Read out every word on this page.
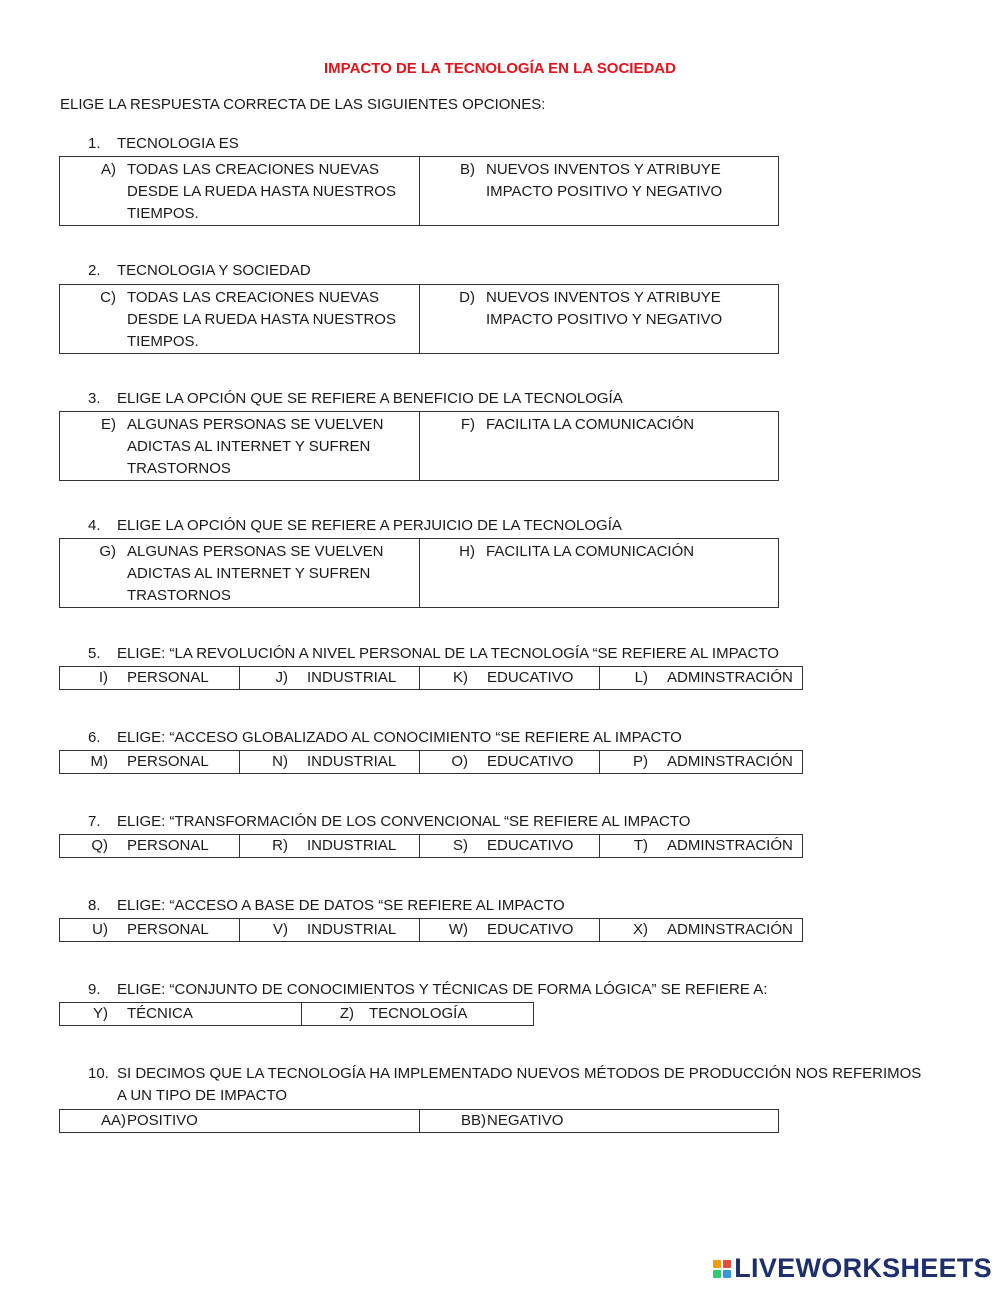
IMPACTO DE LA TECNOLOGÍA EN LA SOCIEDAD
ELIGE LA RESPUESTA CORRECTA DE LAS SIGUIENTES OPCIONES:
1. TECNOLOGIA ES
A) TODAS LAS CREACIONES NUEVAS DESDE LA RUEDA HASTA NUESTROS TIEMPOS.

B) NUEVOS INVENTOS Y ATRIBUYE IMPACTO POSITIVO Y NEGATIVO
2. TECNOLOGIA Y SOCIEDAD
C) TODAS LAS CREACIONES NUEVAS DESDE LA RUEDA HASTA NUESTROS TIEMPOS.

D) NUEVOS INVENTOS Y ATRIBUYE IMPACTO POSITIVO Y NEGATIVO
3. ELIGE LA OPCIÓN QUE SE REFIERE A BENEFICIO DE LA TECNOLOGÍA
E) ALGUNAS PERSONAS SE VUELVEN ADICTAS AL INTERNET Y SUFREN TRASTORNOS

F) FACILITA LA COMUNICACIÓN
4. ELIGE LA OPCIÓN QUE SE REFIERE A PERJUICIO DE LA TECNOLOGÍA
G) ALGUNAS PERSONAS SE VUELVEN ADICTAS AL INTERNET Y SUFREN TRASTORNOS

H) FACILITA LA COMUNICACIÓN
5. ELIGE: “LA REVOLUCIÓN A NIVEL PERSONAL DE LA TECNOLOGÍA “SE REFIERE AL IMPACTO
I)	PERSONAL	J)	INDUSTRIAL	K)	EDUCATIVO	L)	ADMINSTRACIÓN
6. ELIGE: “ACCESO GLOBALIZADO AL CONOCIMIENTO “SE REFIERE AL IMPACTO
M)	PERSONAL	N)	INDUSTRIAL	O)	EDUCATIVO	P)	ADMINSTRACIÓN
7. ELIGE: “TRANSFORMACIÓN DE LOS CONVENCIONAL “SE REFIERE AL IMPACTO
Q)	PERSONAL	R)	INDUSTRIAL	S)	EDUCATIVO	T)	ADMINSTRACIÓN
8. ELIGE: “ACCESO A BASE DE DATOS “SE REFIERE AL IMPACTO
U)	PERSONAL	V)	INDUSTRIAL	W)	EDUCATIVO	X)	ADMINSTRACIÓN
9. ELIGE: “CONJUNTO DE CONOCIMIENTOS Y TÉCNICAS DE FORMA LÓGICA” SE REFIERE A:
Y)	TÉCNICA	Z)	TECNOLOGÍA
10. SI DECIMOS QUE LA TECNOLOGÍA HA IMPLEMENTADO NUEVOS MÉTODOS DE PRODUCCIÓN NOS REFERIMOS A UN TIPO DE IMPACTO
AA) POSITIVO	BB) NEGATIVO
LIVEWORKSHEETS
